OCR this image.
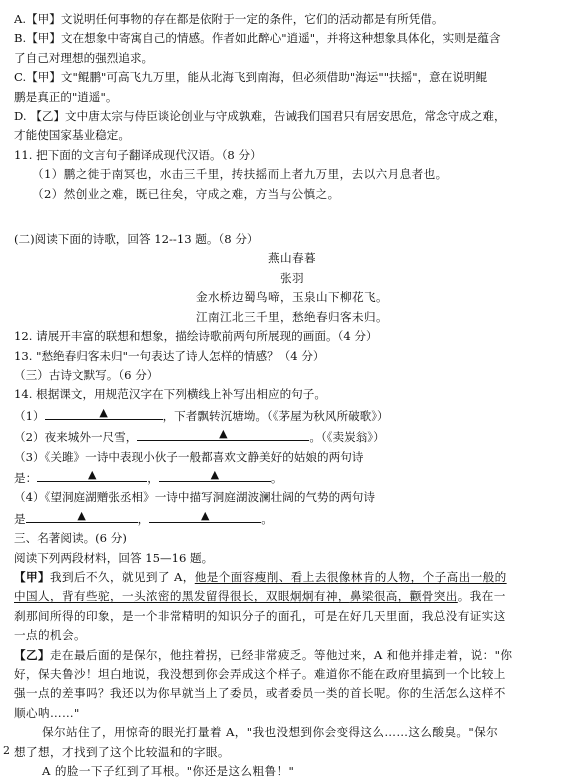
A.【甲】文说明任何事物的存在都是依附于一定的条件，它们的活动都是有所凭借。
B.【甲】文在想象中寄寓自己的情感。作者如此醉心"逍遥"，并将这种想象具体化，实则是蕴含
了自己对理想的强烈追求。
C.【甲】文"鲲鹏"可高飞九万里，能从北海飞到南海，但必须借助"海运""扶摇"，意在说明鲲
鹏是真正的"逍遥"。
D. 【乙】文中唐太宗与侍臣谈论创业与守成孰难，告诫我们国君只有居安思危，常念守成之难，
才能使国家基业稳定。
11. 把下面的文言句子翻译成现代汉语。（8 分）
（1）鹏之徙于南冥也，水击三千里，抟扶摇而上者九万里，去以六月息者也。
（2）然创业之难，既已往矣，守成之难，方当与公慎之。
(二)阅读下面的诗歌，回答 12--13 题。（8 分）
燕山春暮
张羽
金水桥边蜀鸟啼，玉泉山下柳花飞。
江南江北三千里，愁绝春归客未归。
12. 请展开丰富的联想和想象，描绘诗歌前两句所展现的画面。（4 分）
13. "愁绝春归客未归"一句表达了诗人怎样的情感？（4 分）
（三）古诗文默写。（6 分）
14. 根据课文，用规范汉字在下列横线上补写出相应的句子。
（1）	▲	，下者飘转沉塘坳。（《茅屋为秋风所破歌》）
（2）夜来城外一尺雪，	▲	。（《卖炭翁》）
（3）《关雎》一诗中表现小伙子一般都喜欢文静美好的姑娘的两句诗
是：	▲	，	▲	。
（4）《望洞庭湖赠张丞相》一诗中描写洞庭湖波澜壮阔的气势的两句诗
是	▲	，	▲	。
三、名著阅读。(6 分)
阅读下列两段材料，回答 15—16 题。
【甲】我到后不久，就见到了 A，他是个面容瘦削、看上去很像林肯的人物，个子高出一般的
中国人，背有些驼，一头浓密的黑发留得很长，双眼炯炯有神，鼻梁很高，颧骨突出。我在一
刹那间所得的印象，是一个非常精明的知识分子的面孔，可是在好几天里面，我总没有证实这
一点的机会。
【乙】走在最后面的是保尔，他拄着拐，已经非常疲乏。等他过来，A 和他并排走着，说："你
好，保夫鲁沙！坦白地说，我没想到你会弄成这个样子。难道你不能在政府里搞到一个比较上
强一点的差事吗？我还以为你早就当上了委员，或者委员一类的首长呢。你的生活怎么这样不
顺心呐……"
保尔站住了，用惊奇的眼光打量着 A，"我也没想到你会变得这么……这么酸臭。"保尔
想了想，才找到了这个比较温和的字眼。
A 的脸一下子红到了耳根。"你还是这么粗鲁！"
2
